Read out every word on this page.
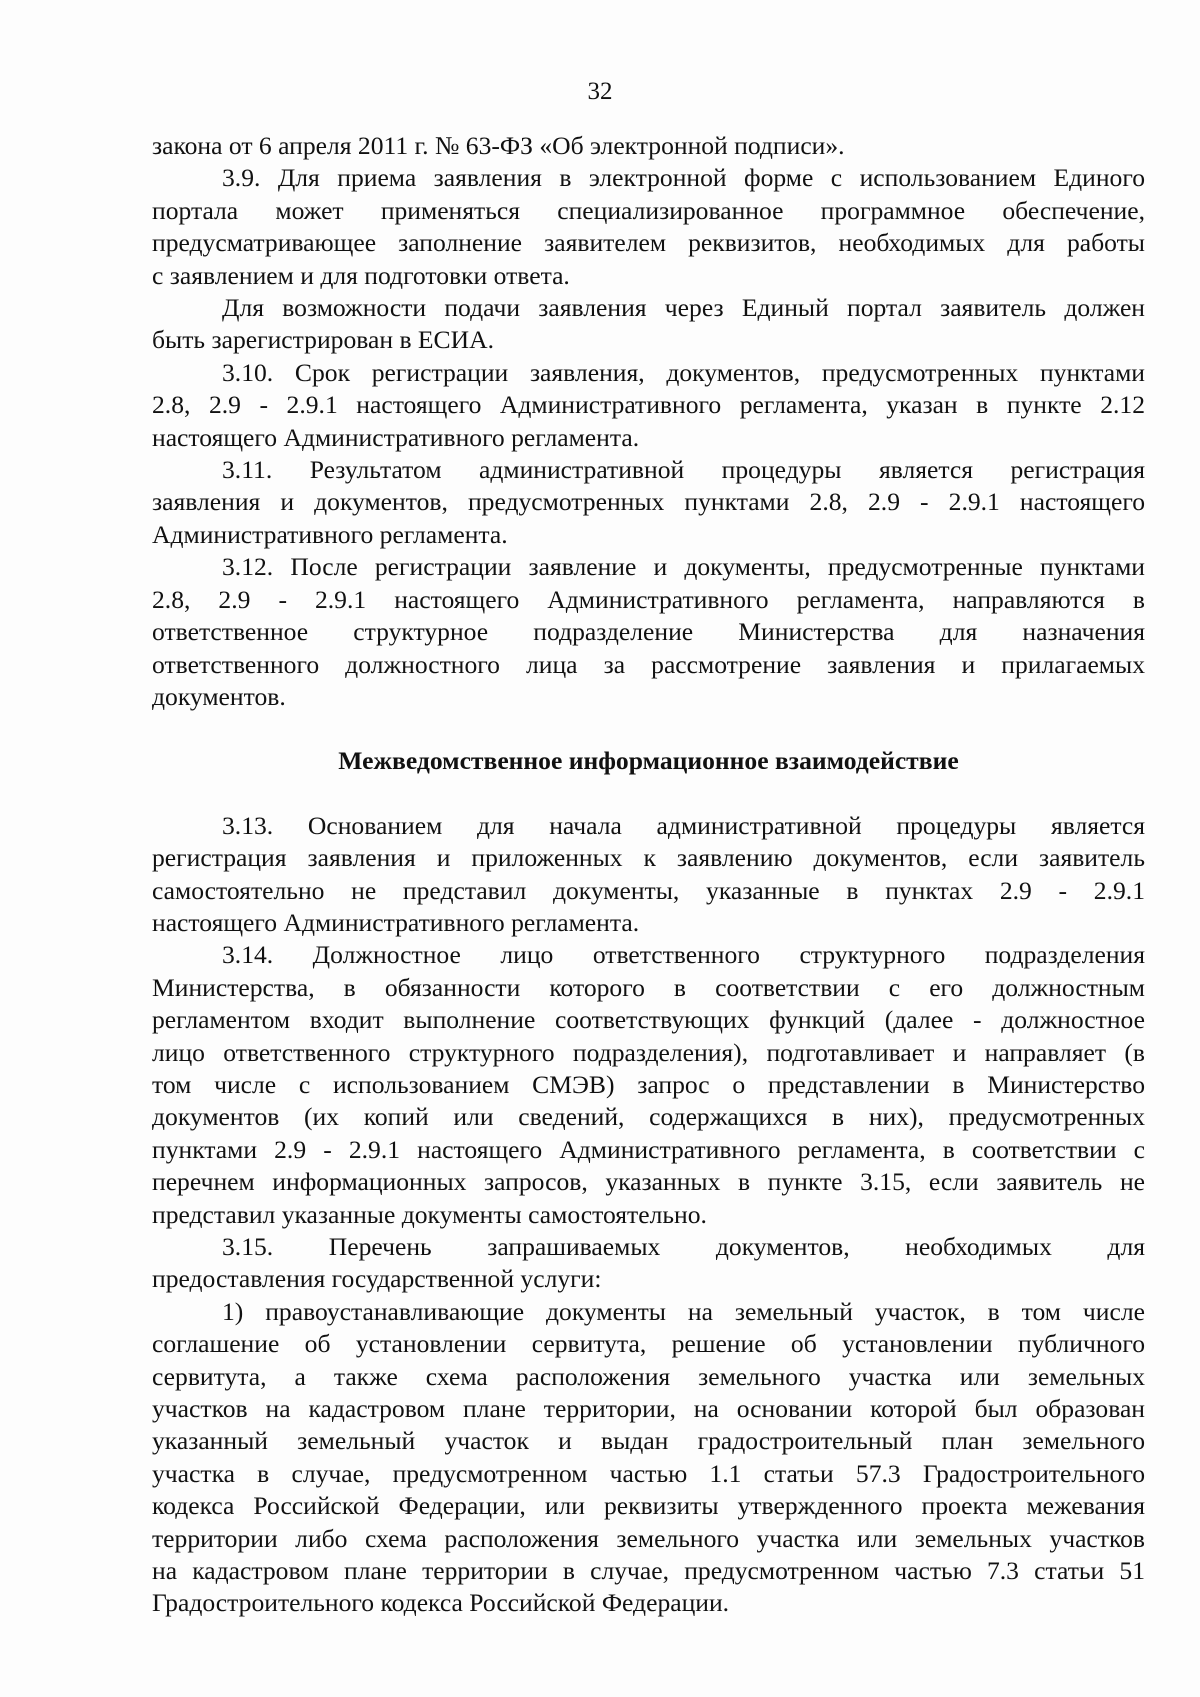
32
закона от 6 апреля 2011 г. № 63-ФЗ «Об электронной подписи».
3.9. Для приема заявления в электронной форме с использованием Единого
портала может применяться специализированное программное обеспечение,
предусматривающее заполнение заявителем реквизитов, необходимых для работы
с заявлением и для подготовки ответа.
Для возможности подачи заявления через Единый портал заявитель должен
быть зарегистрирован в ЕСИА.
3.10. Срок регистрации заявления, документов, предусмотренных пунктами
2.8, 2.9 - 2.9.1 настоящего Административного регламента, указан в пункте 2.12
настоящего Административного регламента.
3.11. Результатом административной процедуры является регистрация
заявления и документов, предусмотренных пунктами 2.8, 2.9 - 2.9.1 настоящего
Административного регламента.
3.12. После регистрации заявление и документы, предусмотренные пунктами
2.8, 2.9 - 2.9.1 настоящего Административного регламента, направляются в
ответственное структурное подразделение Министерства для назначения
ответственного должностного лица за рассмотрение заявления и прилагаемых
документов.
Межведомственное информационное взаимодействие
3.13. Основанием для начала административной процедуры является
регистрация заявления и приложенных к заявлению документов, если заявитель
самостоятельно не представил документы, указанные в пунктах 2.9 - 2.9.1
настоящего Административного регламента.
3.14. Должностное лицо ответственного структурного подразделения
Министерства, в обязанности которого в соответствии с его должностным
регламентом входит выполнение соответствующих функций (далее - должностное
лицо ответственного структурного подразделения), подготавливает и направляет (в
том числе с использованием СМЭВ) запрос о представлении в Министерство
документов (их копий или сведений, содержащихся в них), предусмотренных
пунктами 2.9 - 2.9.1 настоящего Административного регламента, в соответствии с
перечнем информационных запросов, указанных в пункте 3.15, если заявитель не
представил указанные документы самостоятельно.
3.15. Перечень запрашиваемых документов, необходимых для
предоставления государственной услуги:
1) правоустанавливающие документы на земельный участок, в том числе
соглашение об установлении сервитута, решение об установлении публичного
сервитута, а также схема расположения земельного участка или земельных
участков на кадастровом плане территории, на основании которой был образован
указанный земельный участок и выдан градостроительный план земельного
участка в случае, предусмотренном частью 1.1 статьи 57.3 Градостроительного
кодекса Российской Федерации, или реквизиты утвержденного проекта межевания
территории либо схема расположения земельного участка или земельных участков
на кадастровом плане территории в случае, предусмотренном частью 7.3 статьи 51
Градостроительного кодекса Российской Федерации.
